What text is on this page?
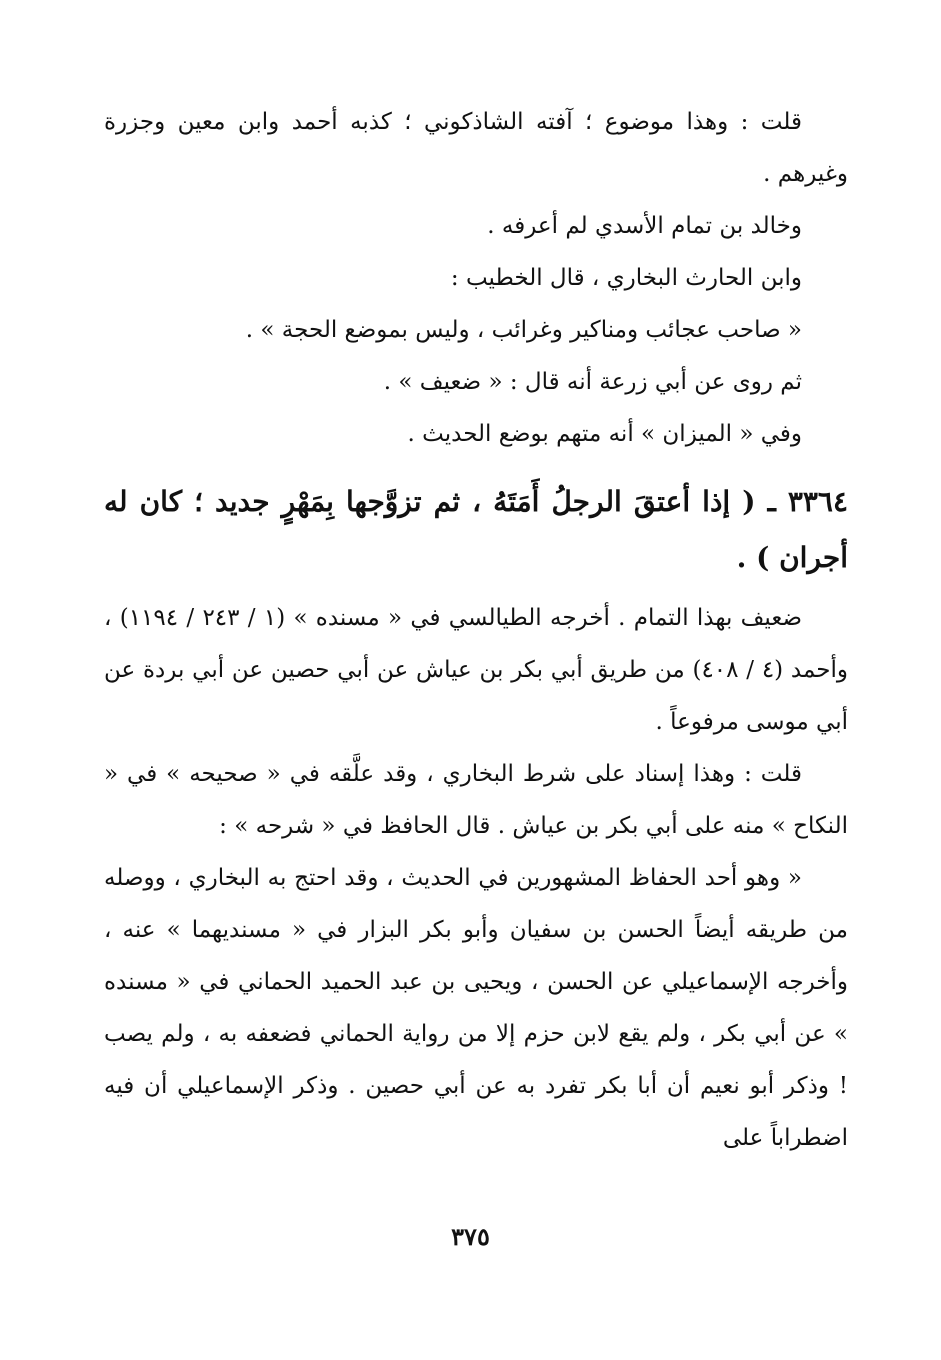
قلت : وهذا موضوع ؛ آفته الشاذكوني ؛ كذبه أحمد وابن معين وجزرة وغيرهم .

وخالد بن تمام الأسدي لم أعرفه .

وابن الحارث البخاري ، قال الخطيب :

« صاحب عجائب ومناكير وغرائب ، وليس بموضع الحجة » .

ثم روى عن أبي زرعة أنه قال : « ضعيف » .

وفي « الميزان » أنه متهم بوضع الحديث .

٣٣٦٤ ـ ( إذا أعتقَ الرجلُ أَمَتَهُ ، ثم تزوَّجها بِمَهْرٍ جديد ؛ كان له أجران ) .

ضعيف بهذا التمام . أخرجه الطيالسي في « مسنده » (١ / ٢٤٣ / ١١٩٤) ، وأحمد (٤ / ٤٠٨) من طريق أبي بكر بن عياش عن أبي حصين عن أبي بردة عن أبي موسى مرفوعاً .

قلت : وهذا إسناد على شرط البخاري ، وقد علَّقه في « صحيحه » في « النكاح » منه على أبي بكر بن عياش . قال الحافظ في « شرحه » :

« وهو أحد الحفاظ المشهورين في الحديث ، وقد احتج به البخاري ، ووصله من طريقه أيضاً الحسن بن سفيان وأبو بكر البزار في « مسنديهما » عنه ، وأخرجه الإسماعيلي عن الحسن ، ويحيى بن عبد الحميد الحماني في « مسنده » عن أبي بكر ، ولم يقع لابن حزم إلا من رواية الحماني فضعفه به ، ولم يصب ! وذكر أبو نعيم أن أبا بكر تفرد به عن أبي حصين . وذكر الإسماعيلي أن فيه اضطراباً على

٣٧٥
